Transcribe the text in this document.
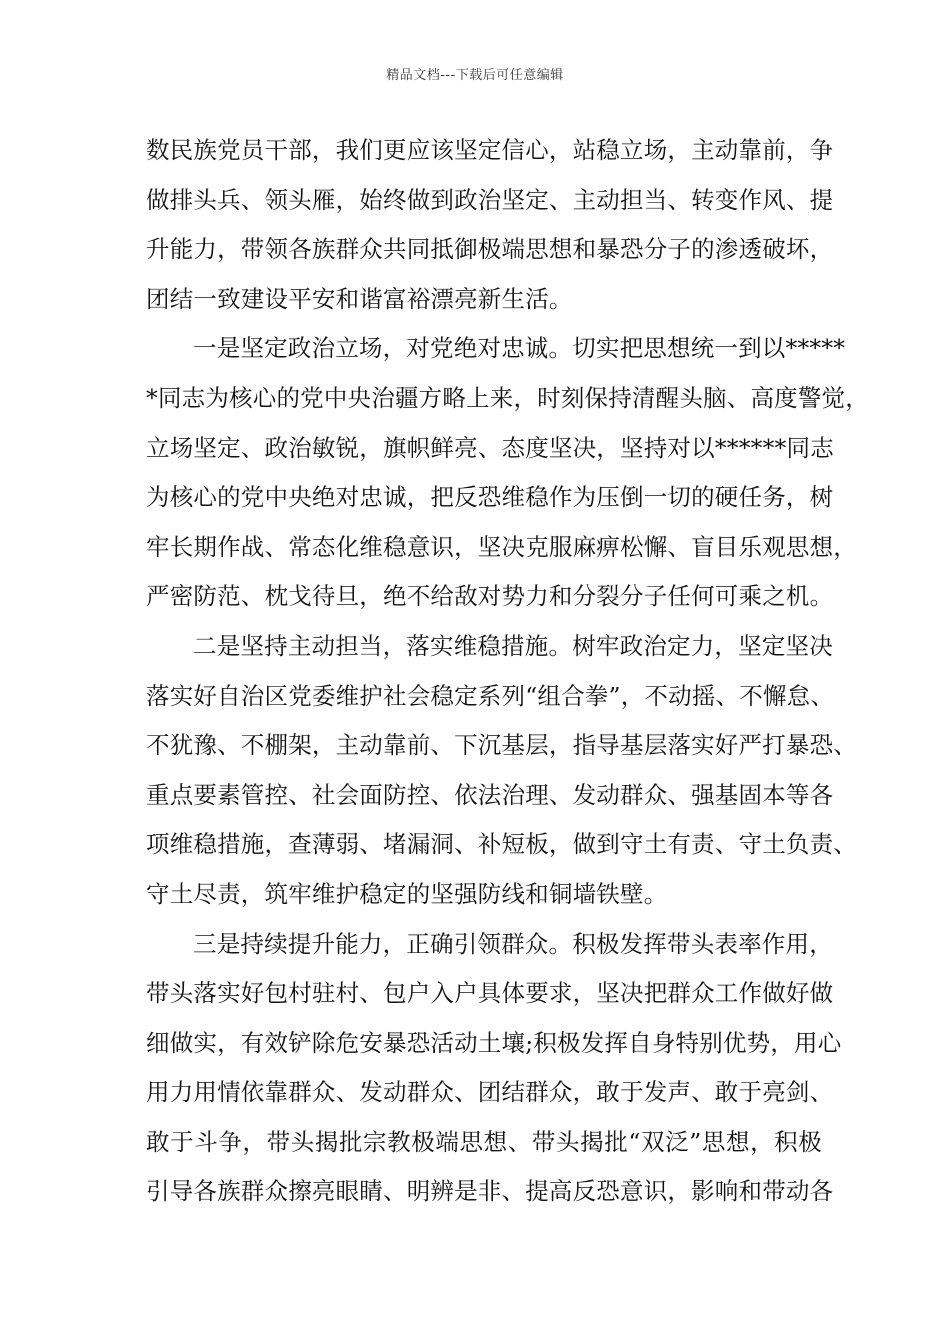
精品文档---下载后可任意编辑
数民族党员干部，我们更应该坚定信心，站稳立场，主动靠前，争
做排头兵、领头雁，始终做到政治坚定、主动担当、转变作风、提
升能力，带领各族群众共同抵御极端思想和暴恐分子的渗透破坏，
团结一致建设平安和谐富裕漂亮新生活。
一是坚定政治立场，对党绝对忠诚。切实把思想统一到以*****
*同志为核心的党中央治疆方略上来，时刻保持清醒头脑、高度警觉，
立场坚定、政治敏锐，旗帜鲜亮、态度坚决，坚持对以******同志
为核心的党中央绝对忠诚，把反恐维稳作为压倒一切的硬任务，树
牢长期作战、常态化维稳意识，坚决克服麻痹松懈、盲目乐观思想，
严密防范、枕戈待旦，绝不给敌对势力和分裂分子任何可乘之机。
二是坚持主动担当，落实维稳措施。树牢政治定力，坚定坚决
落实好自治区党委维护社会稳定系列“组合拳”，不动摇、不懈怠、
不犹豫、不棚架，主动靠前、下沉基层，指导基层落实好严打暴恐、
重点要素管控、社会面防控、依法治理、发动群众、强基固本等各
项维稳措施，查薄弱、堵漏洞、补短板，做到守土有责、守土负责、
守土尽责，筑牢维护稳定的坚强防线和铜墙铁壁。
三是持续提升能力，正确引领群众。积极发挥带头表率作用，
带头落实好包村驻村、包户入户具体要求，坚决把群众工作做好做
细做实，有效铲除危安暴恐活动土壤;积极发挥自身特别优势，用心
用力用情依靠群众、发动群众、团结群众，敢于发声、敢于亮剑、
敢于斗争，带头揭批宗教极端思想、带头揭批“双泛”思想，积极
引导各族群众擦亮眼睛、明辨是非、提高反恐意识，影响和带动各
